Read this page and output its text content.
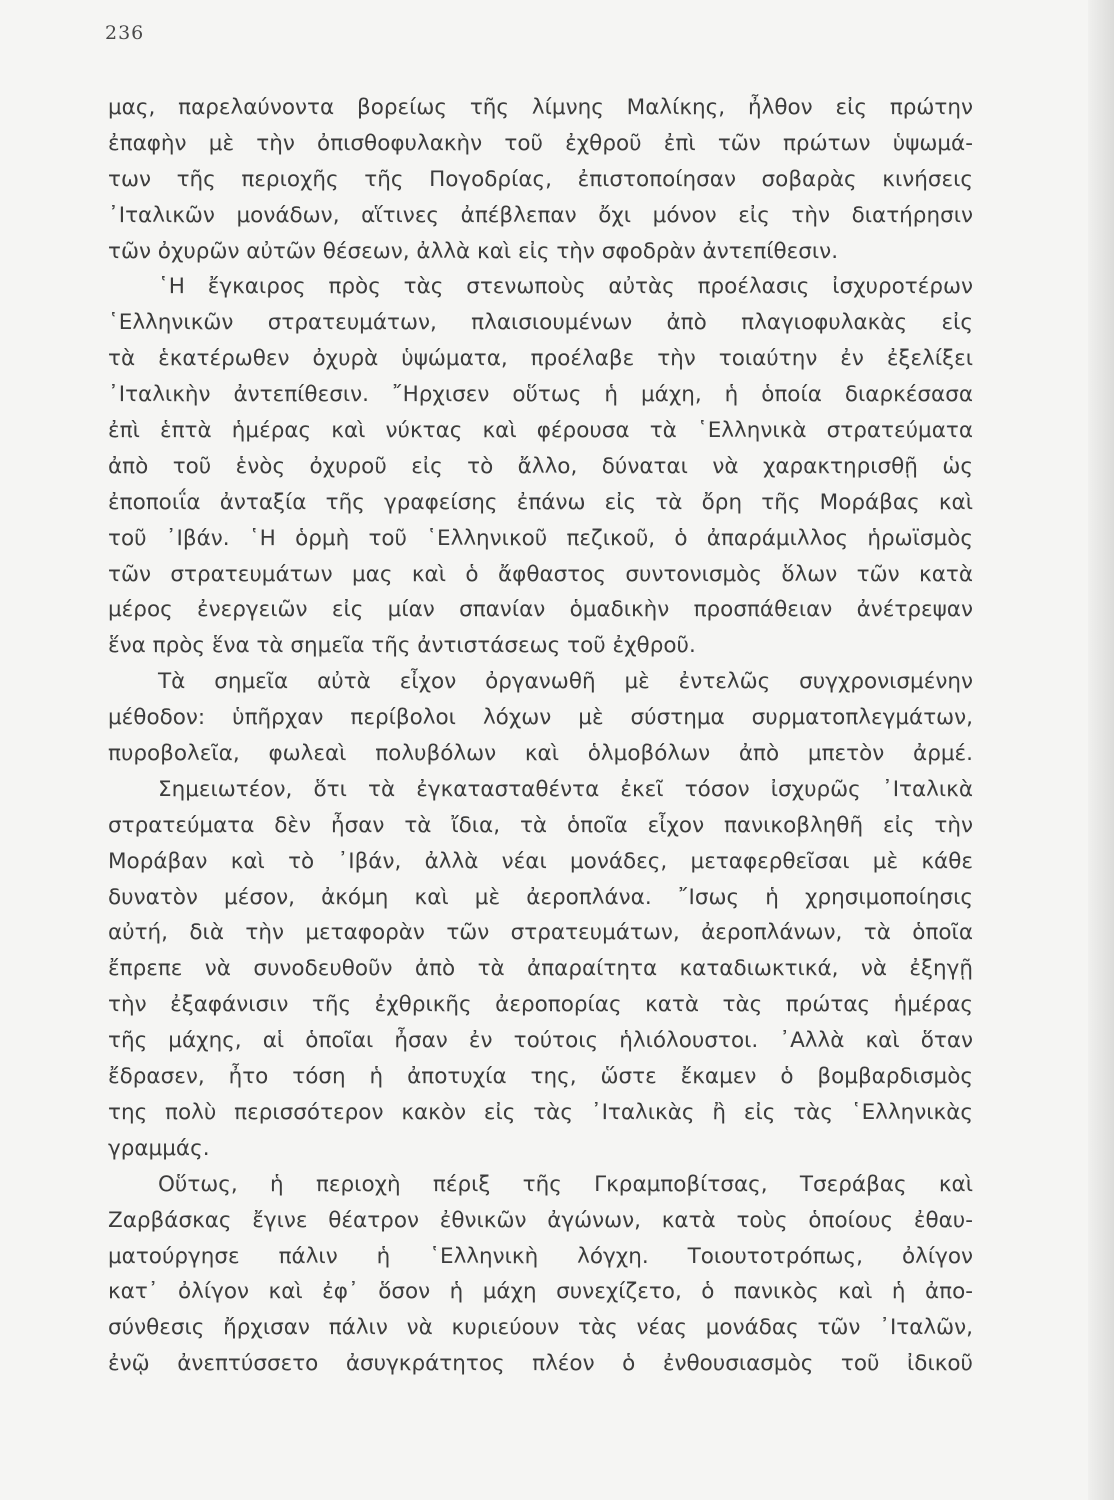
236
μας, παρελαύνοντα βορείως τῆς λίμνης Μαλίκης, ἦλθον εἰς πρώτην
ἐπαφὴν μὲ τὴν ὀπισθοφυλακὴν τοῦ ἐχθροῦ ἐπὶ τῶν πρώτων ὑψωμά-
των τῆς περιοχῆς τῆς Πογοδρίας, ἐπιστοποίησαν σοβαρὰς κινήσεις
᾿Ιταλικῶν μονάδων, αἵτινες ἀπέβλεπαν ὄχι μόνον εἰς τὴν διατήρησιν
τῶν ὀχυρῶν αὐτῶν θέσεων, ἀλλὰ καὶ εἰς τὴν σφοδρὰν ἀντεπίθεσιν.
῾Η ἔγκαιρος πρὸς τὰς στενωποὺς αὐτὰς προέλασις ἰσχυροτέρων
῾Ελληνικῶν στρατευμάτων, πλαισιουμένων ἀπὸ πλαγιοφυλακὰς εἰς
τὰ ἑκατέρωθεν ὀχυρὰ ὑψώματα, προέλαβε τὴν τοιαύτην ἐν ἐξελίξει
᾿Ιταλικὴν ἀντεπίθεσιν. ῎Ηρχισεν οὕτως ἡ μάχη, ἡ ὁποία διαρκέσασα
ἐπὶ ἑπτὰ ἡμέρας καὶ νύκτας καὶ φέρουσα τὰ ῾Ελληνικὰ στρατεύματα
ἀπὸ τοῦ ἑνὸς ὀχυροῦ εἰς τὸ ἄλλο, δύναται νὰ χαρακτηρισθῇ ὡς
ἐποποιΐα ἀνταξία τῆς γραφείσης ἐπάνω εἰς τὰ ὄρη τῆς Μοράβας καὶ
τοῦ ᾿Ιβάν. ῾Η ὁρμὴ τοῦ ῾Ελληνικοῦ πεζικοῦ, ὁ ἀπαράμιλλος ἡρωϊσμὸς
τῶν στρατευμάτων μας καὶ ὁ ἄφθαστος συντονισμὸς ὅλων τῶν κατὰ
μέρος ἐνεργειῶν εἰς μίαν σπανίαν ὁμαδικὴν προσπάθειαν ἀνέτρεψαν
ἕνα πρὸς ἕνα τὰ σημεῖα τῆς ἀντιστάσεως τοῦ ἐχθροῦ.
Τὰ σημεῖα αὐτὰ εἶχον ὀργανωθῆ μὲ ἐντελῶς συγχρονισμένην
μέθοδον: ὑπῆρχαν περίβολοι λόχων μὲ σύστημα συρματοπλεγμάτων,
πυροβολεῖα, φωλεαὶ πολυβόλων καὶ ὁλμοβόλων ἀπὸ μπετὸν ἀρμέ.
Σημειωτέον, ὅτι τὰ ἐγκατασταθέντα ἐκεῖ τόσον ἰσχυρῶς ᾿Ιταλικὰ
στρατεύματα δὲν ἦσαν τὰ ἴδια, τὰ ὁποῖα εἶχον πανικοβληθῆ εἰς τὴν
Μοράβαν καὶ τὸ ᾿Ιβάν, ἀλλὰ νέαι μονάδες, μεταφερθεῖσαι μὲ κάθε
δυνατὸν μέσον, ἀκόμη καὶ μὲ ἀεροπλάνα. ῎Ισως ἡ χρησιμοποίησις
αὐτή, διὰ τὴν μεταφορὰν τῶν στρατευμάτων, ἀεροπλάνων, τὰ ὁποῖα
ἔπρεπε νὰ συνοδευθοῦν ἀπὸ τὰ ἀπαραίτητα καταδιωκτικά, νὰ ἐξηγῇ
τὴν ἐξαφάνισιν τῆς ἐχθρικῆς ἀεροπορίας κατὰ τὰς πρώτας ἡμέρας
τῆς μάχης, αἱ ὁποῖαι ἦσαν ἐν τούτοις ἡλιόλουστοι. ᾿Αλλὰ καὶ ὅταν
ἔδρασεν, ἦτο τόση ἡ ἀποτυχία της, ὥστε ἔκαμεν ὁ βομβαρδισμὸς
της πολὺ περισσότερον κακὸν εἰς τὰς ᾿Ιταλικὰς ἢ εἰς τὰς ῾Ελληνικὰς
γραμμάς.
Οὕτως, ἡ περιοχὴ πέριξ τῆς Γκραμποβίτσας, Τσεράβας καὶ
Ζαρβάσκας ἔγινε θέατρον ἐθνικῶν ἀγώνων, κατὰ τοὺς ὁποίους ἐθαυ-
ματούργησε πάλιν ἡ ῾Ελληνικὴ λόγχη. Τοιουτοτρόπως, ὀλίγον
κατ᾿ ὀλίγον καὶ ἐφ᾿ ὅσον ἡ μάχη συνεχίζετο, ὁ πανικὸς καὶ ἡ ἀπο-
σύνθεσις ἤρχισαν πάλιν νὰ κυριεύουν τὰς νέας μονάδας τῶν ᾿Ιταλῶν,
ἐνῷ ἀνεπτύσσετο ἀσυγκράτητος πλέον ὁ ἐνθουσιασμὸς τοῦ ἰδικοῦ
